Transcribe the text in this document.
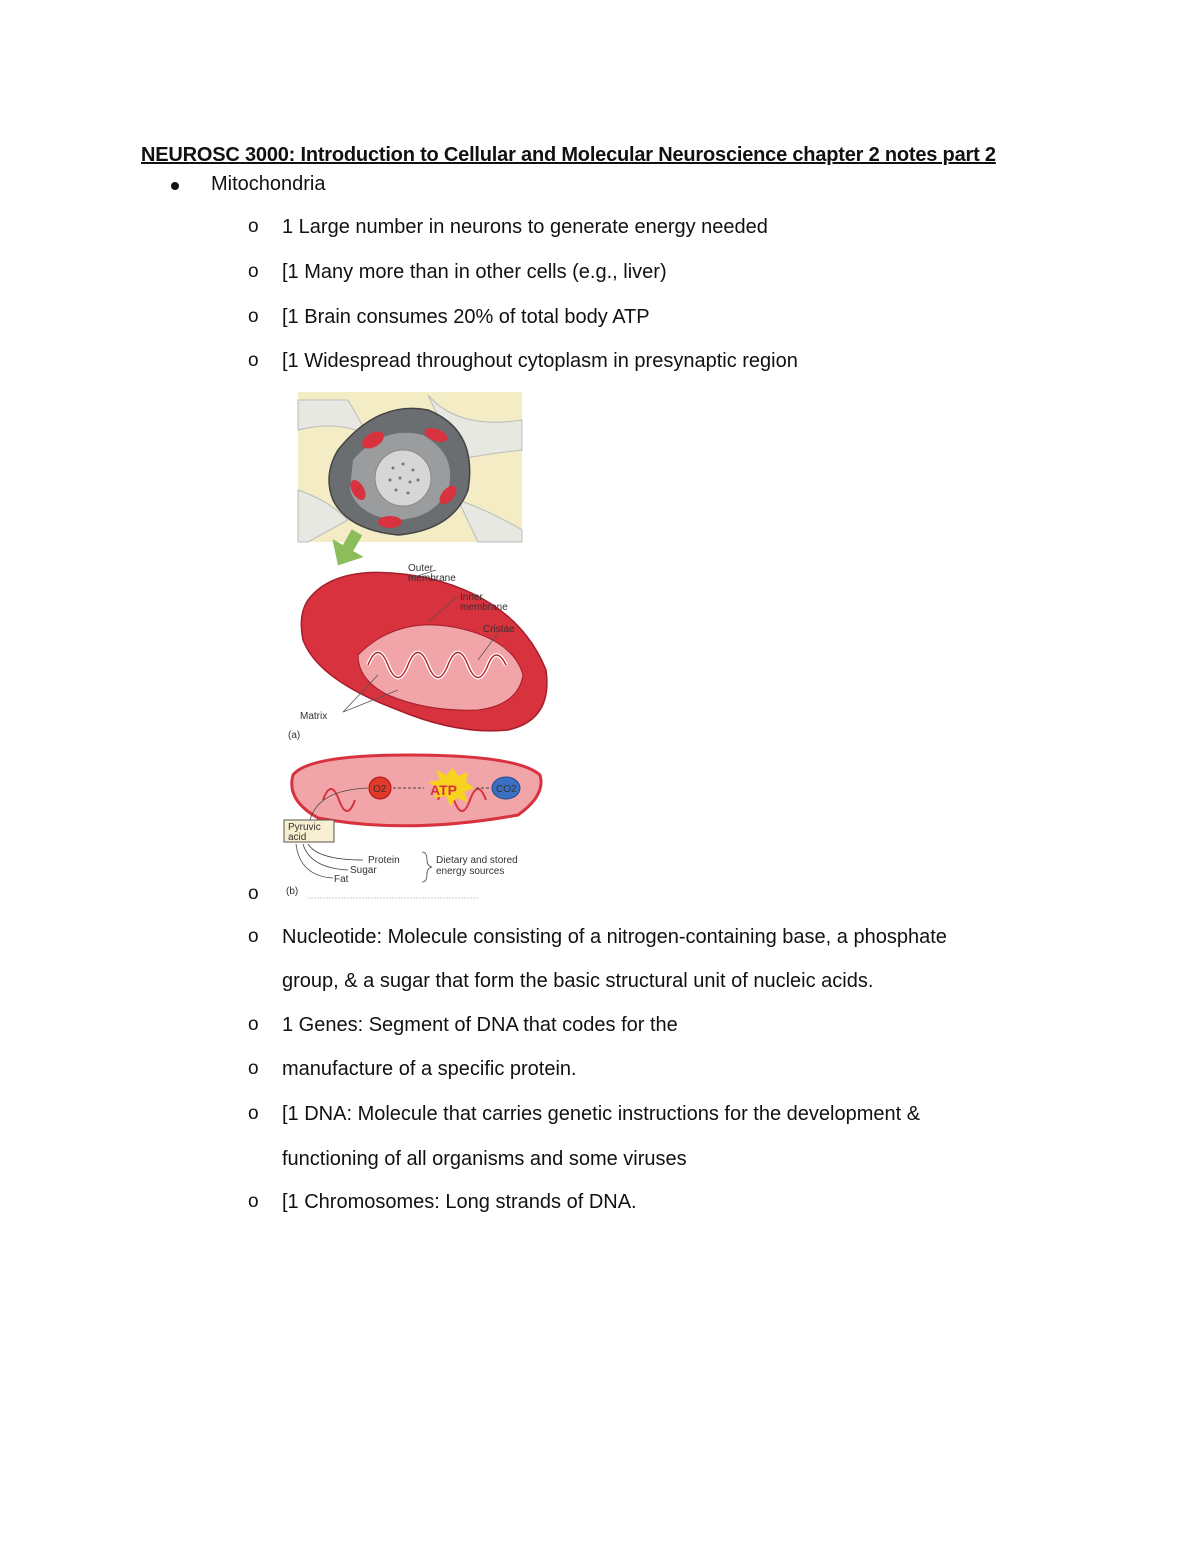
NEUROSC 3000: Introduction to Cellular and Molecular Neuroscience chapter 2 notes part 2
Mitochondria
o 1 Large number in neurons to generate energy needed
o [1 Many more than in other cells (e.g., liver)
o [1 Brain consumes 20% of total body ATP
o [1 Widespread throughout cytoplasm in presynaptic region
Outer
membrane
Inner
membrane
Cristae
Matrix
(a)
O2	ATP	CO2
Pyruvic
acid
Protein
Sugar
Fat
Dietary and stored
energy sources
(b)
o
o Nucleotide: Molecule consisting of a nitrogen-containing base, a phosphate
group, & a sugar that form the basic structural unit of nucleic acids.
o 1 Genes: Segment of DNA that codes for the
o manufacture of a specific protein.
o [1 DNA: Molecule that carries genetic instructions for the development &
functioning of all organisms and some viruses
o [1 Chromosomes: Long strands of DNA.
